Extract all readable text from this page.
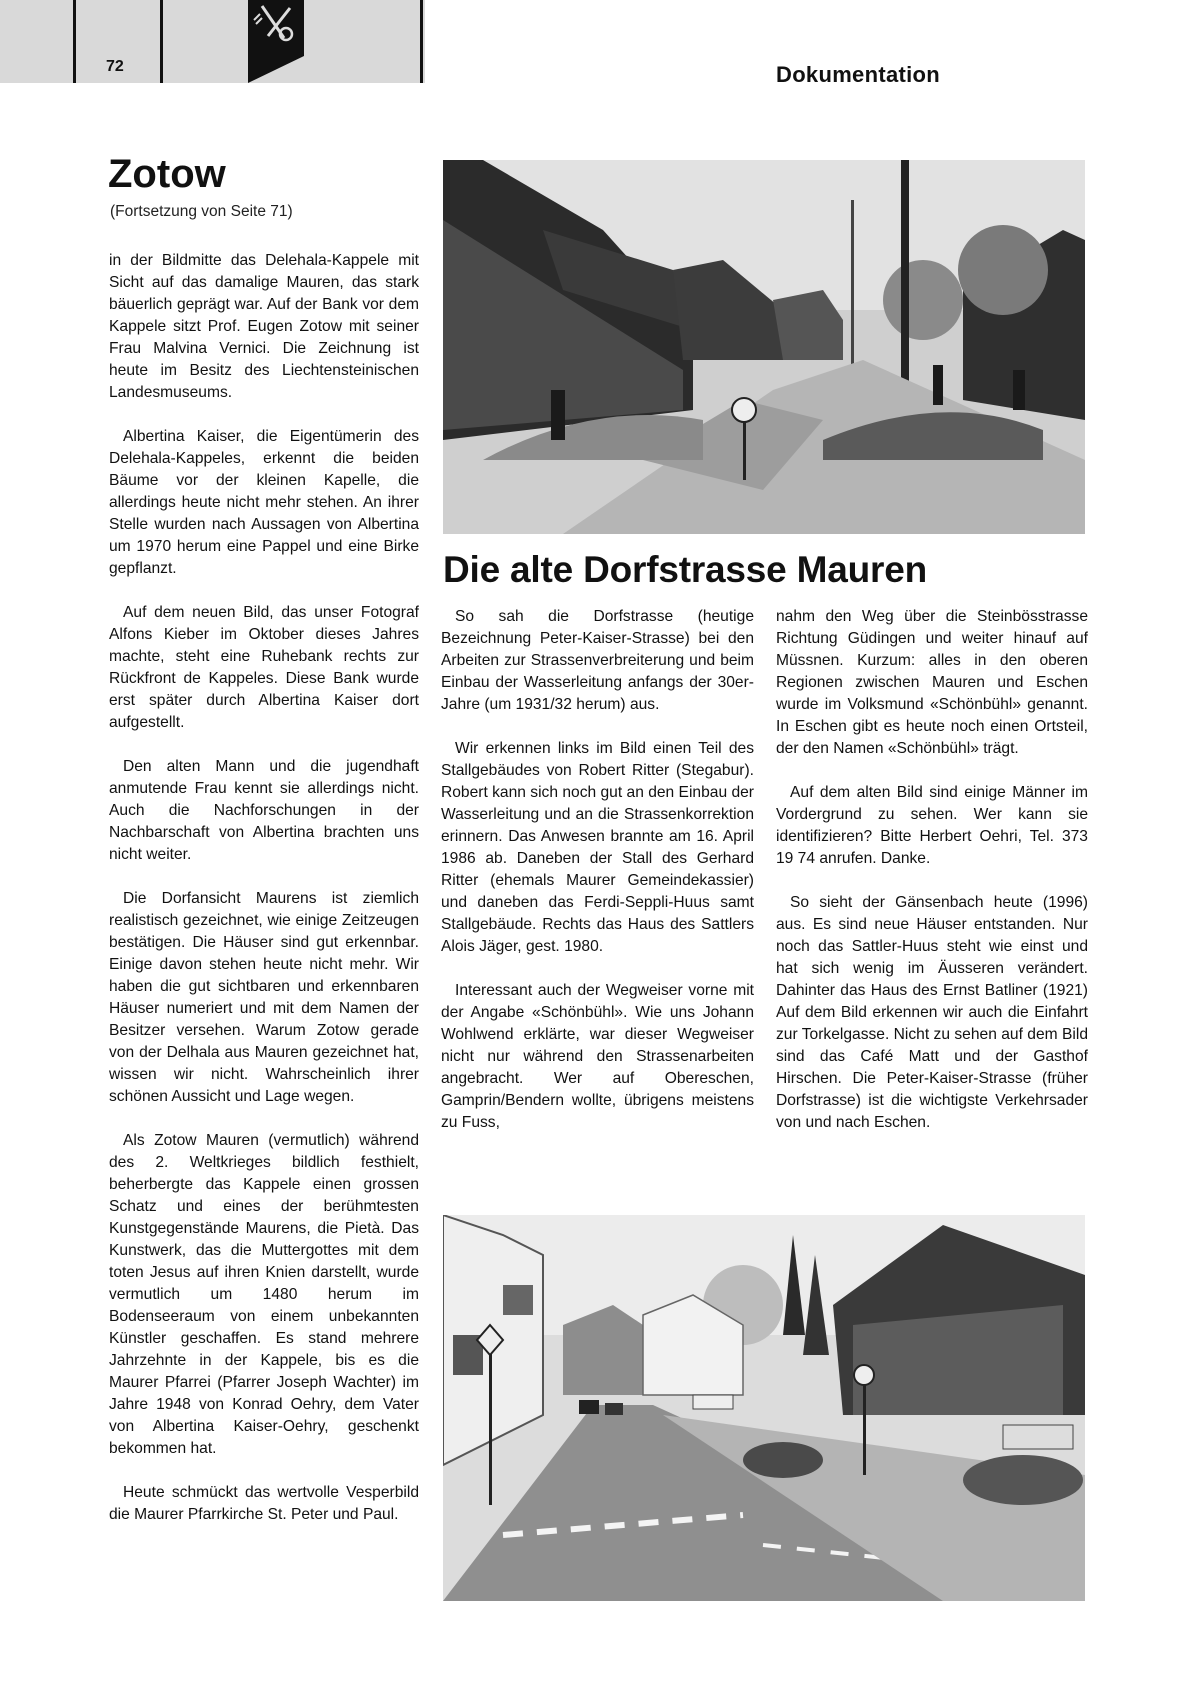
72	Dokumentation
Zotow
(Fortsetzung von Seite 71)

in der Bildmitte das Delehala-Kappele mit Sicht auf das damalige Mauren, das stark bäuerlich geprägt war. Auf der Bank vor dem Kappele sitzt Prof. Eugen Zotow mit seiner Frau Malvina Vernici. Die Zeichnung ist heute im Besitz des Liechtensteinischen Landesmuseums.

Albertina Kaiser, die Eigentümerin des Delehala-Kappeles, erkennt die beiden Bäume vor der kleinen Kapelle, die allerdings heute nicht mehr stehen. An ihrer Stelle wurden nach Aussagen von Albertina um 1970 herum eine Pappel und eine Birke gepflanzt.

Auf dem neuen Bild, das unser Fotograf Alfons Kieber im Oktober dieses Jahres machte, steht eine Ruhebank rechts zur Rückfront de Kappeles. Diese Bank wurde erst später durch Albertina Kaiser dort aufgestellt.

Den alten Mann und die jugendhaft anmutende Frau kennt sie allerdings nicht. Auch die Nachforschungen in der Nachbarschaft von Albertina brachten uns nicht weiter.

Die Dorfansicht Maurens ist ziemlich realistisch gezeichnet, wie einige Zeitzeugen bestätigen. Die Häuser sind gut erkennbar. Einige davon stehen heute nicht mehr. Wir haben die gut sichtbaren und erkennbaren Häuser numeriert und mit dem Namen der Besitzer versehen. Warum Zotow gerade von der Delhala aus Mauren gezeichnet hat, wissen wir nicht. Wahrscheinlich ihrer schönen Aussicht und Lage wegen.

Als Zotow Mauren (vermutlich) während des 2. Weltkrieges bildlich festhielt, beherbergte das Kappele einen grossen Schatz und eines der berühmtesten Kunstgegenstände Maurens, die Pietà. Das Kunstwerk, das die Muttergottes mit dem toten Jesus auf ihren Knien darstellt, wurde vermutlich um 1480 herum im Bodenseeraum von einem unbekannten Künstler geschaffen. Es stand mehrere Jahrzehnte in der Kappele, bis es die Maurer Pfarrei (Pfarrer Joseph Wachter) im Jahre 1948 von Konrad Oehry, dem Vater von Albertina Kaiser-Oehry, geschenkt bekommen hat.

Heute schmückt das wertvolle Vesperbild die Maurer Pfarrkirche St. Peter und Paul.

Die alte Dorfstrasse Mauren

So sah die Dorfstrasse (heutige Bezeichnung Peter-Kaiser-Strasse) bei den Arbeiten zur Strassenverbreiterung und beim Einbau der Wasserleitung anfangs der 30er-Jahre (um 1931/32 herum) aus.

Wir erkennen links im Bild einen Teil des Stallgebäudes von Robert Ritter (Stegabur). Robert kann sich noch gut an den Einbau der Wasserleitung und an die Strassenkorrektion erinnern. Das Anwesen brannte am 16. April 1986 ab. Daneben der Stall des Gerhard Ritter (ehemals Maurer Gemeindekassier) und daneben das Ferdi-Seppli-Huus samt Stallgebäude. Rechts das Haus des Sattlers Alois Jäger, gest. 1980.

Interessant auch der Wegweiser vorne mit der Angabe «Schönbühl». Wie uns Johann Wohlwend erklärte, war dieser Wegweiser nicht nur während den Strassenarbeiten angebracht. Wer auf Obereschen, Gamprin/Bendern wollte, übrigens meistens zu Fuss,

nahm den Weg über die Steinbösstrasse Richtung Güdingen und weiter hinauf auf Müssnen. Kurzum: alles in den oberen Regionen zwischen Mauren und Eschen wurde im Volksmund «Schönbühl» genannt. In Eschen gibt es heute noch einen Ortsteil, der den Namen «Schönbühl» trägt.

Auf dem alten Bild sind einige Männer im Vordergrund zu sehen. Wer kann sie identifizieren? Bitte Herbert Oehri, Tel. 373 19 74 anrufen. Danke.

So sieht der Gänsenbach heute (1996) aus. Es sind neue Häuser entstanden. Nur noch das Sattler-Huus steht wie einst und hat sich wenig im Äusseren verändert. Dahinter das Haus des Ernst Batliner (1921) Auf dem Bild erkennen wir auch die Einfahrt zur Torkelgasse. Nicht zu sehen auf dem Bild sind das Café Matt und der Gasthof Hirschen. Die Peter-Kaiser-Strasse (früher Dorfstrasse) ist die wichtigste Verkehrsader von und nach Eschen.
